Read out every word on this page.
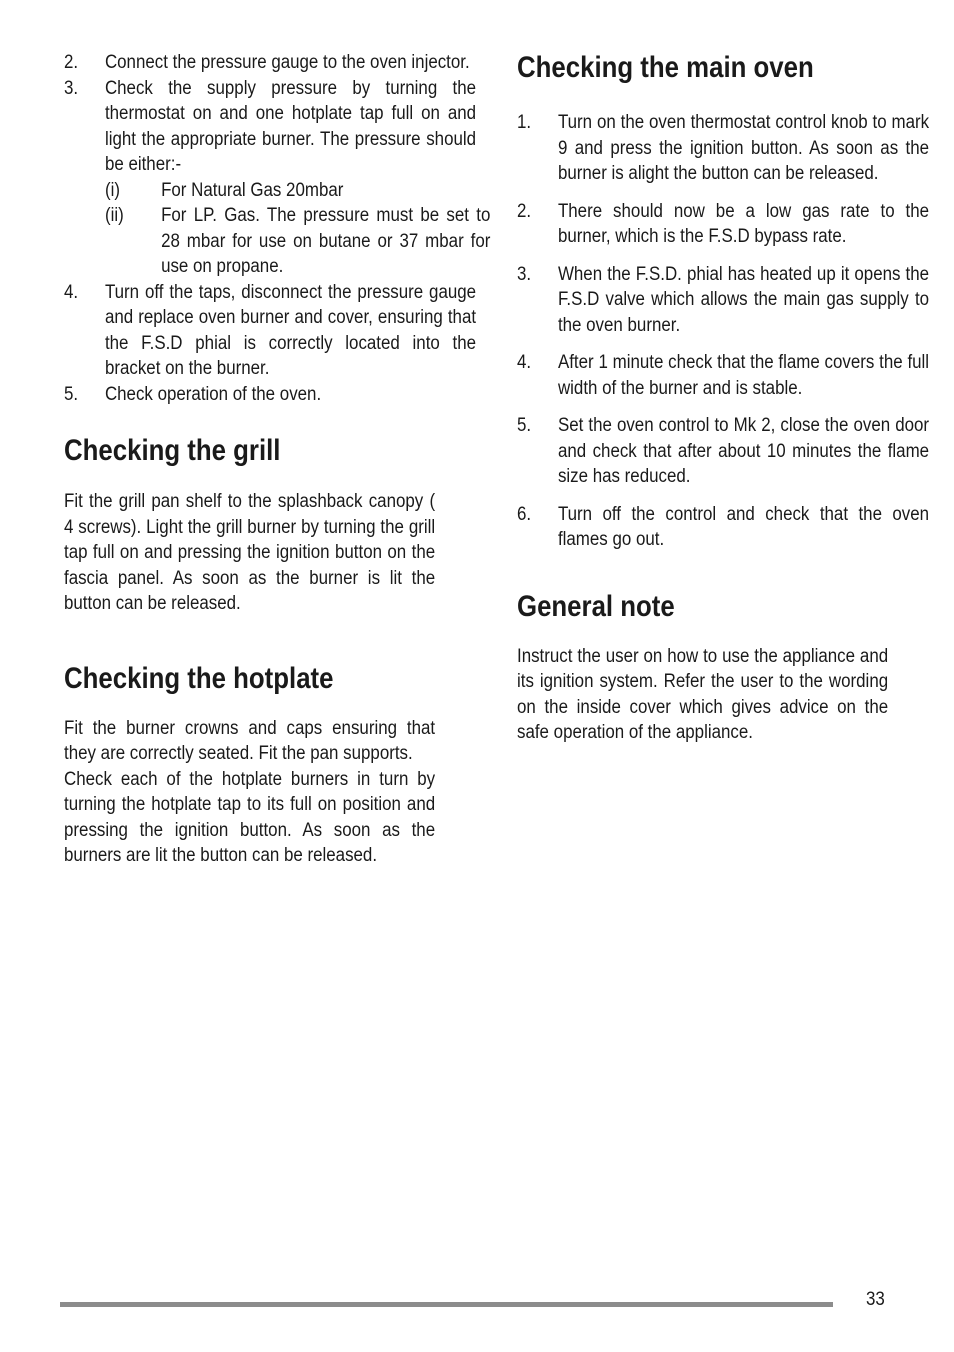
2. Connect the pressure gauge to the oven injector.
3. Check the supply pressure by turning the thermostat on and one hotplate tap full on and light the appropriate burner. The pressure should be either:-
(i) For Natural Gas 20mbar
(ii) For LP. Gas. The pressure must be set to 28 mbar for use on butane or 37 mbar for use on propane.
4. Turn off the taps, disconnect the pressure gauge and replace oven burner and cover, ensuring that the F.S.D phial is correctly located into the bracket on the burner.
5. Check operation of the oven.
Checking the grill

Fit the grill pan shelf to the splashback canopy ( 4 screws). Light the grill burner by turning the grill tap full on and pressing the ignition button on the fascia panel. As soon as the burner is lit the button can be released.

Checking the hotplate

Fit the burner crowns and caps ensuring that they are correctly seated. Fit the pan supports.

Check each of the hotplate burners in turn by turning the hotplate tap to its full on position and pressing the ignition button. As soon as the burners are lit the button can be released.

Checking the main oven
1. Turn on the oven thermostat control knob to mark 9 and press the ignition button. As soon as the burner is alight the button can be released.
2. There should now be a low gas rate to the burner, which is the F.S.D bypass rate.
3. When the F.S.D. phial has heated up it opens the F.S.D valve which allows the main gas supply to the oven burner.
4. After 1 minute check that the flame covers the full width of the burner and is stable.
5. Set the oven control to Mk 2, close the oven door and check that after about 10 minutes the flame size has reduced.
6. Turn off the control and check that the oven flames go out.
General note

Instruct the user on how to use the appliance and its ignition system. Refer the user to the wording on the inside cover which gives advice on the safe operation of the appliance.

33
